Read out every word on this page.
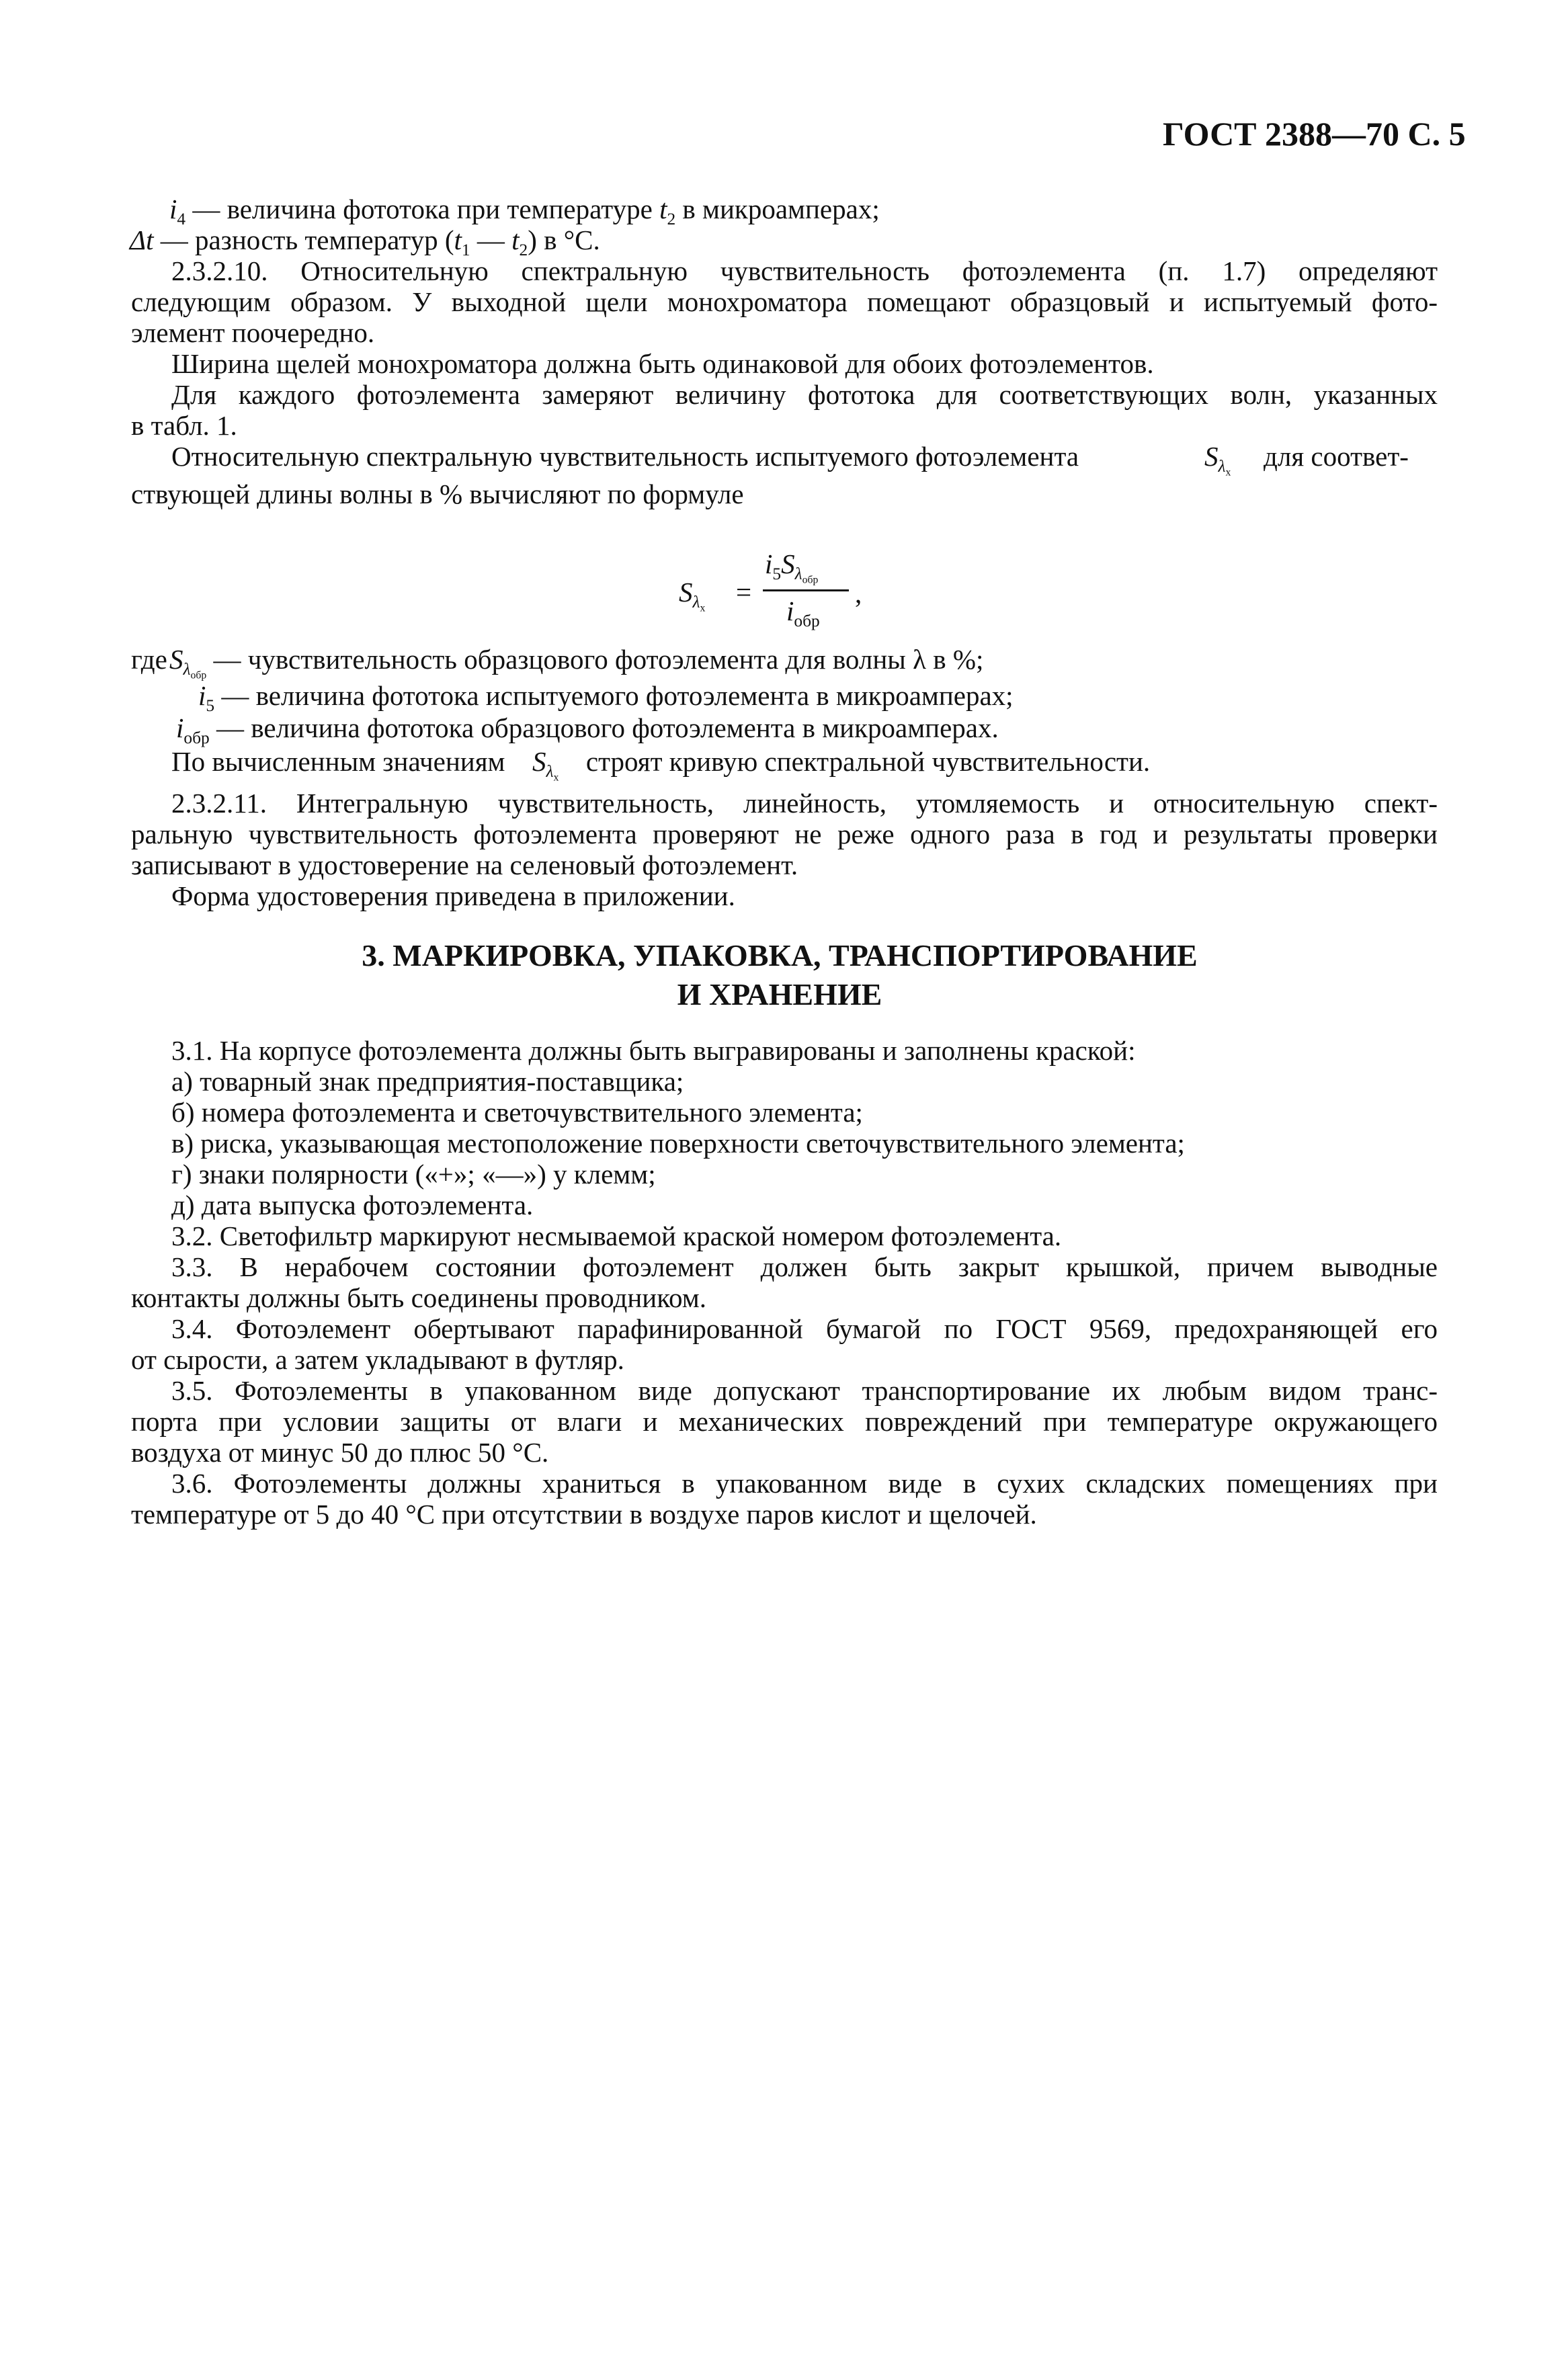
ГОСТ 2388—70 С. 5
$i_4$ — величина фототока при температуре $t_2$ в микроамперах;
Δt — разность температур ($t_1$ — $t_2$) в °C.
2.3.2.10. Относительную спектральную чувствительность фотоэлемента (п. 1.7) определяют
следующим образом. У выходной щели монохроматора помещают образцовый и испытуемый фото-
элемент поочередно.
Ширина щелей монохроматора должна быть одинаковой для обоих фотоэлементов.
Для каждого фотоэлемента замеряют величину фототока для соответствующих волн, указанных
в табл. 1.
Относительную спектральную чувствительность испытуемого фотоэлемента	$S_{\lambda_x}$
для соответ-
ствующей длины волны в % вычисляют по формуле
$S_{\lambda_x}$
=
$i_5S_{\lambda_{обр}}$
$i_{обр}$
,
где $S_{\lambda_{обр}}$ — чувствительность образцового фотоэлемента для волны λ в %;
$i_5$ — величина фототока испытуемого фотоэлемента в микроамперах;
$i_{обр}$ — величина фототока образцового фотоэлемента в микроамперах.
По вычисленным значениям $S_{\lambda_x}$  строят кривую спектральной чувствительности.
2.3.2.11. Интегральную чувствительность, линейность, утомляемость и относительную спект-
ральную чувствительность фотоэлемента проверяют не реже одного раза в год и результаты проверки
записывают в удостоверение на селеновый фотоэлемент.
Форма удостоверения приведена в приложении.
3. МАРКИРОВКА, УПАКОВКА, ТРАНСПОРТИРОВАНИЕ
И ХРАНЕНИЕ
3.1. На корпусе фотоэлемента должны быть выгравированы и заполнены краской:
а) товарный знак предприятия-поставщика;
б) номера фотоэлемента и светочувствительного элемента;
в) риска, указывающая местоположение поверхности светочувствительного элемента;
г) знаки полярности («+»; «—») у клемм;
д) дата выпуска фотоэлемента.
3.2. Светофильтр маркируют несмываемой краской номером фотоэлемента.
3.3. В нерабочем состоянии фотоэлемент должен быть закрыт крышкой, причем выводные
контакты должны быть соединены проводником.
3.4. Фотоэлемент обертывают парафинированной бумагой по ГОСТ 9569, предохраняющей его
от сырости, а затем укладывают в футляр.
3.5. Фотоэлементы в упакованном виде допускают транспортирование их любым видом транс-
порта при условии защиты от влаги и механических повреждений при температуре окружающего
воздуха от минус 50 до плюс 50 °C.
3.6. Фотоэлементы должны храниться в упакованном виде в сухих складских помещениях при
температуре от 5 до 40 °C при отсутствии в воздухе паров кислот и щелочей.
